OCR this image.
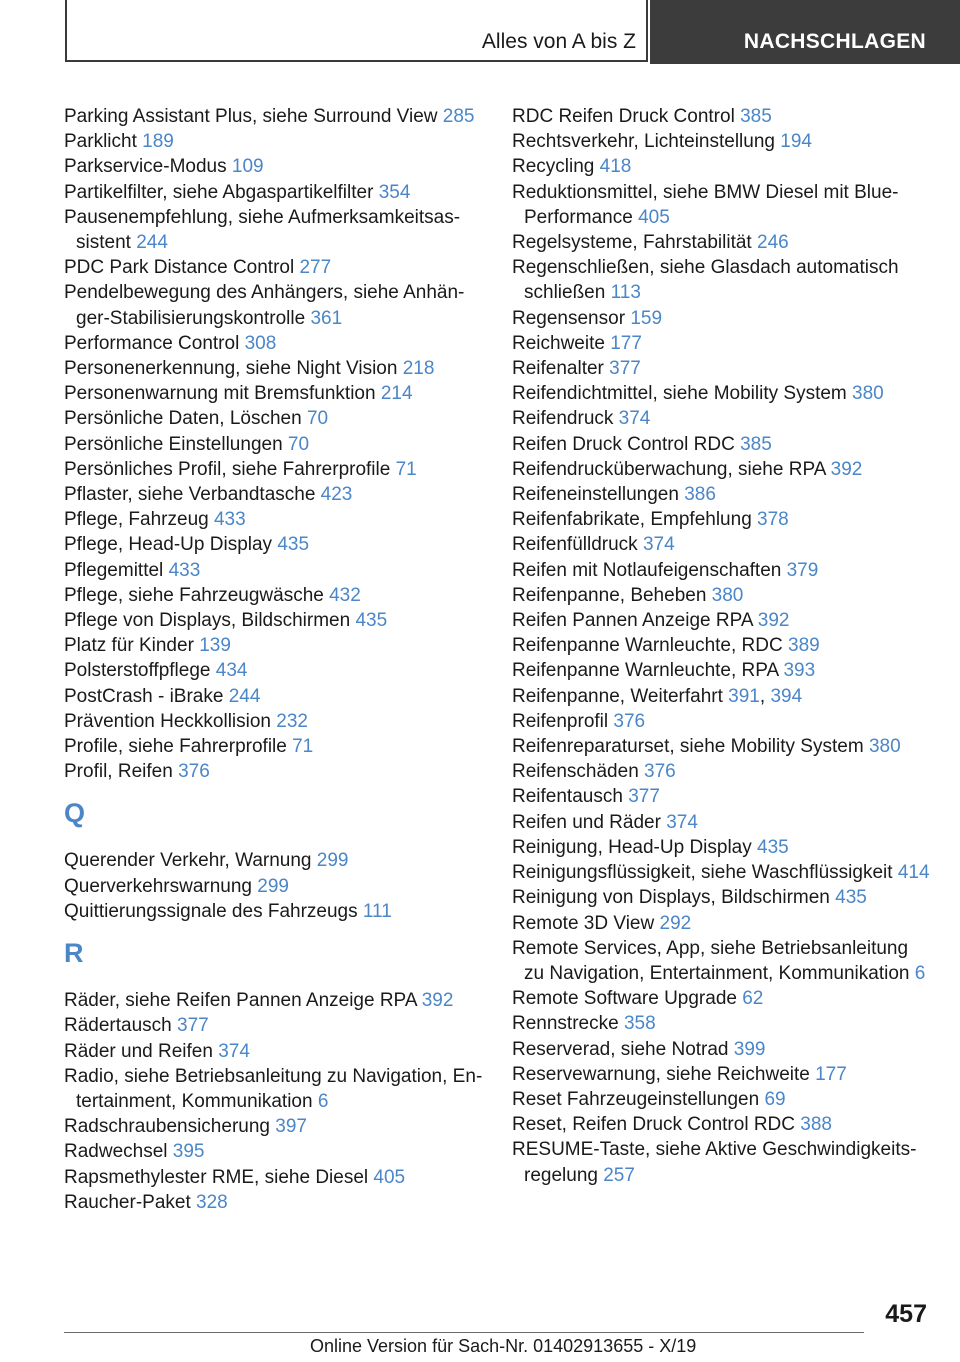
Alles von A bis Z	NACHSCHLAGEN
Parking Assistant Plus, siehe Surround View 285
Parklicht 189
Parkservice-Modus 109
Partikelfilter, siehe Abgaspartikelfilter 354
Pausenempfehlung, siehe Aufmerksamkeitsassistent 244
PDC Park Distance Control 277
Pendelbewegung des Anhängers, siehe Anhänger-Stabilisierungskontrolle 361
Performance Control 308
Personenerkennung, siehe Night Vision 218
Personenwarnung mit Bremsfunktion 214
Persönliche Daten, Löschen 70
Persönliche Einstellungen 70
Persönliches Profil, siehe Fahrerprofile 71
Pflaster, siehe Verbandtasche 423
Pflege, Fahrzeug 433
Pflege, Head-Up Display 435
Pflegemittel 433
Pflege, siehe Fahrzeugwäsche 432
Pflege von Displays, Bildschirmen 435
Platz für Kinder 139
Polsterstoffpflege 434
PostCrash - iBrake 244
Prävention Heckkollision 232
Profile, siehe Fahrerprofile 71
Profil, Reifen 376
Q
Querender Verkehr, Warnung 299
Querverkehrswarnung 299
Quittierungssignale des Fahrzeugs 111
R
Räder, siehe Reifen Pannen Anzeige RPA 392
Rädertausch 377
Räder und Reifen 374
Radio, siehe Betriebsanleitung zu Navigation, Entertainment, Kommunikation 6
Radschraubensicherung 397
Radwechsel 395
Rapsmethylester RME, siehe Diesel 405
Raucher-Paket 328
RDC Reifen Druck Control 385
Rechtsverkehr, Lichteinstellung 194
Recycling 418
Reduktionsmittel, siehe BMW Diesel mit BluePerformance 405
Regelsysteme, Fahrstabilität 246
Regenschließen, siehe Glasdach automatisch schließen 113
Regensensor 159
Reichweite 177
Reifenalter 377
Reifendichtmittel, siehe Mobility System 380
Reifendruck 374
Reifen Druck Control RDC 385
Reifendrucküberwachung, siehe RPA 392
Reifeneinstellungen 386
Reifenfabrikate, Empfehlung 378
Reifenfülldruck 374
Reifen mit Notlaufeigenschaften 379
Reifenpanne, Beheben 380
Reifen Pannen Anzeige RPA 392
Reifenpanne Warnleuchte, RDC 389
Reifenpanne Warnleuchte, RPA 393
Reifenpanne, Weiterfahrt 391, 394
Reifenprofil 376
Reifenreparaturset, siehe Mobility System 380
Reifenschäden 376
Reifentausch 377
Reifen und Räder 374
Reinigung, Head-Up Display 435
Reinigungsflüssigkeit, siehe Waschflüssigkeit 414
Reinigung von Displays, Bildschirmen 435
Remote 3D View 292
Remote Services, App, siehe Betriebsanleitung zu Navigation, Entertainment, Kommunikation 6
Remote Software Upgrade 62
Rennstrecke 358
Reserverad, siehe Notrad 399
Reservewarnung, siehe Reichweite 177
Reset Fahrzeugeinstellungen 69
Reset, Reifen Druck Control RDC 388
RESUME-Taste, siehe Aktive Geschwindigkeitsregelung 257
457
Online Version für Sach-Nr. 01402913655 - X/19
